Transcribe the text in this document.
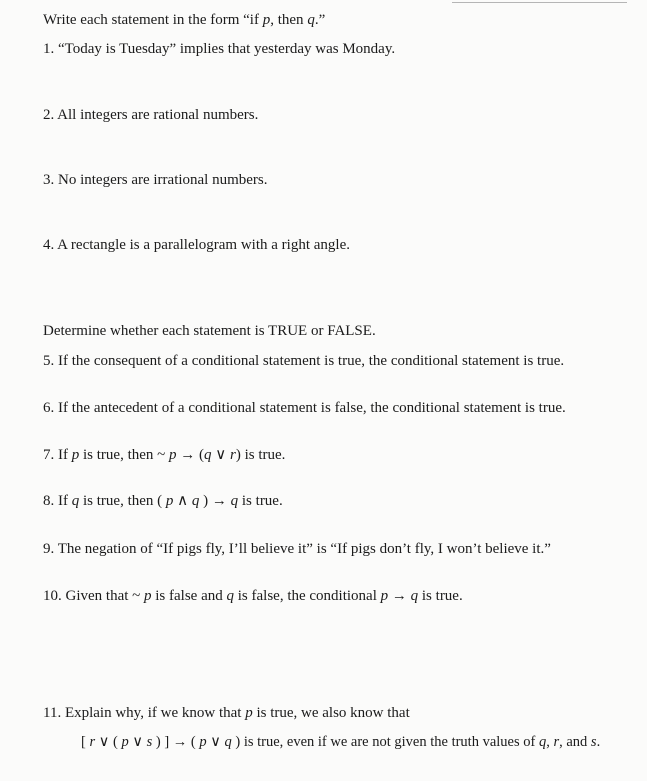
Write each statement in the form “if p, then q.”
1. “Today is Tuesday” implies that yesterday was Monday.
2. All integers are rational numbers.
3. No integers are irrational numbers.
4. A rectangle is a parallelogram with a right angle.
Determine whether each statement is TRUE or FALSE.
5. If the consequent of a conditional statement is true, the conditional statement is true.
6. If the antecedent of a conditional statement is false, the conditional statement is true.
7. If p is true, then ~ p → (q ∨ r) is true.
8. If q is true, then ( p ∧ q ) → q is true.
9. The negation of “If pigs fly, I’ll believe it” is “If pigs don’t fly, I won’t believe it.”
10. Given that ~ p is false and q is false, the conditional p → q is true.
11. Explain why, if we know that p is true, we also know that
[ r ∨ ( p ∨ s ) ] → ( p ∨ q ) is true, even if we are not given the truth values of q, r, and s.
